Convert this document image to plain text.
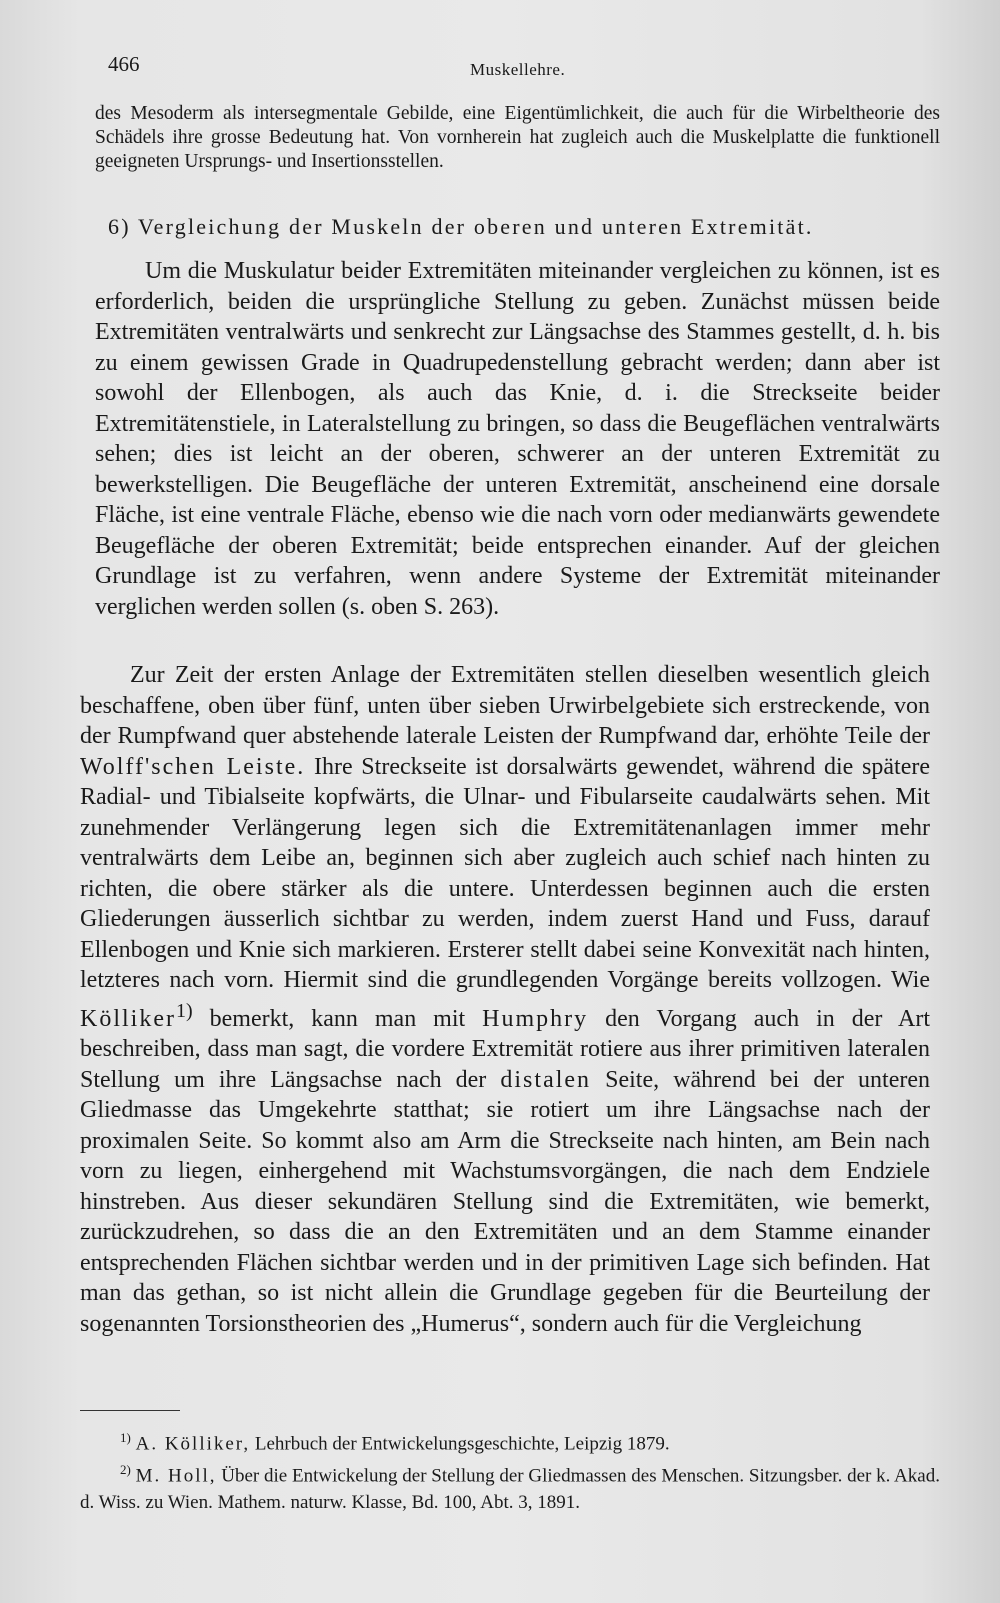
466	Muskellehre.
des Mesoderm als intersegmentale Gebilde, eine Eigentümlichkeit, die auch für die Wirbeltheorie des Schädels ihre grosse Bedeutung hat. Von vornherein hat zugleich auch die Muskelplatte die funktionell geeigneten Ursprungs- und Insertionsstellen.
6) Vergleichung der Muskeln der oberen und unteren Extremität.
Um die Muskulatur beider Extremitäten miteinander vergleichen zu können, ist es erforderlich, beiden die ursprüngliche Stellung zu geben. Zunächst müssen beide Extremitäten ventralwärts und senkrecht zur Längsachse des Stammes gestellt, d. h. bis zu einem gewissen Grade in Quadrupedenstellung gebracht werden; dann aber ist sowohl der Ellenbogen, als auch das Knie, d. i. die Streckseite beider Extremitätenstiele, in Lateralstellung zu bringen, so dass die Beugeflächen ventralwärts sehen; dies ist leicht an der oberen, schwerer an der unteren Extremität zu bewerkstelligen. Die Beugefläche der unteren Extremität, anscheinend eine dorsale Fläche, ist eine ventrale Fläche, ebenso wie die nach vorn oder medianwärts gewendete Beugefläche der oberen Extremität; beide entsprechen einander. Auf der gleichen Grundlage ist zu verfahren, wenn andere Systeme der Extremität miteinander verglichen werden sollen (s. oben S. 263).
Zur Zeit der ersten Anlage der Extremitäten stellen dieselben wesentlich gleich beschaffene, oben über fünf, unten über sieben Urwirbelgebiete sich erstreckende, von der Rumpfwand quer abstehende laterale Leisten der Rumpfwand dar, erhöhte Teile der Wolff'schen Leiste. Ihre Streckseite ist dorsalwärts gewendet, während die spätere Radial- und Tibialseite kopfwärts, die Ulnar- und Fibularseite caudalwärts sehen. Mit zunehmender Verlängerung legen sich die Extremitätenanlagen immer mehr ventralwärts dem Leibe an, beginnen sich aber zugleich auch schief nach hinten zu richten, die obere stärker als die untere. Unterdessen beginnen auch die ersten Gliederungen äusserlich sichtbar zu werden, indem zuerst Hand und Fuss, darauf Ellenbogen und Knie sich markieren. Ersterer stellt dabei seine Konvexität nach hinten, letzteres nach vorn. Hiermit sind die grundlegenden Vorgänge bereits vollzogen. Wie Kölliker$^{1)}$ bemerkt, kann man mit Humphry den Vorgang auch in der Art beschreiben, dass man sagt, die vordere Extremität rotiere aus ihrer primitiven lateralen Stellung um ihre Längsachse nach der distalen Seite, während bei der unteren Gliedmasse das Umgekehrte statthat; sie rotiert um ihre Längsachse nach der proximalen Seite. So kommt also am Arm die Streckseite nach hinten, am Bein nach vorn zu liegen, einhergehend mit Wachstumsvorgängen, die nach dem Endziele hinstreben. Aus dieser sekundären Stellung sind die Extremitäten, wie bemerkt, zurückzudrehen, so dass die an den Extremitäten und an dem Stamme einander entsprechenden Flächen sichtbar werden und in der primitiven Lage sich befinden. Hat man das gethan, so ist nicht allein die Grundlage gegeben für die Beurteilung der sogenannten Torsionstheorien des „Humerus“, sondern auch für die Vergleichung

$^{1)}$ A. Kölliker, Lehrbuch der Entwickelungsgeschichte, Leipzig 1879.

$^{2)}$ M. Holl, Über die Entwickelung der Stellung der Gliedmassen des Menschen. Sitzungsber. der k. Akad. d. Wiss. zu Wien. Mathem. naturw. Klasse, Bd. 100, Abt. 3, 1891.
